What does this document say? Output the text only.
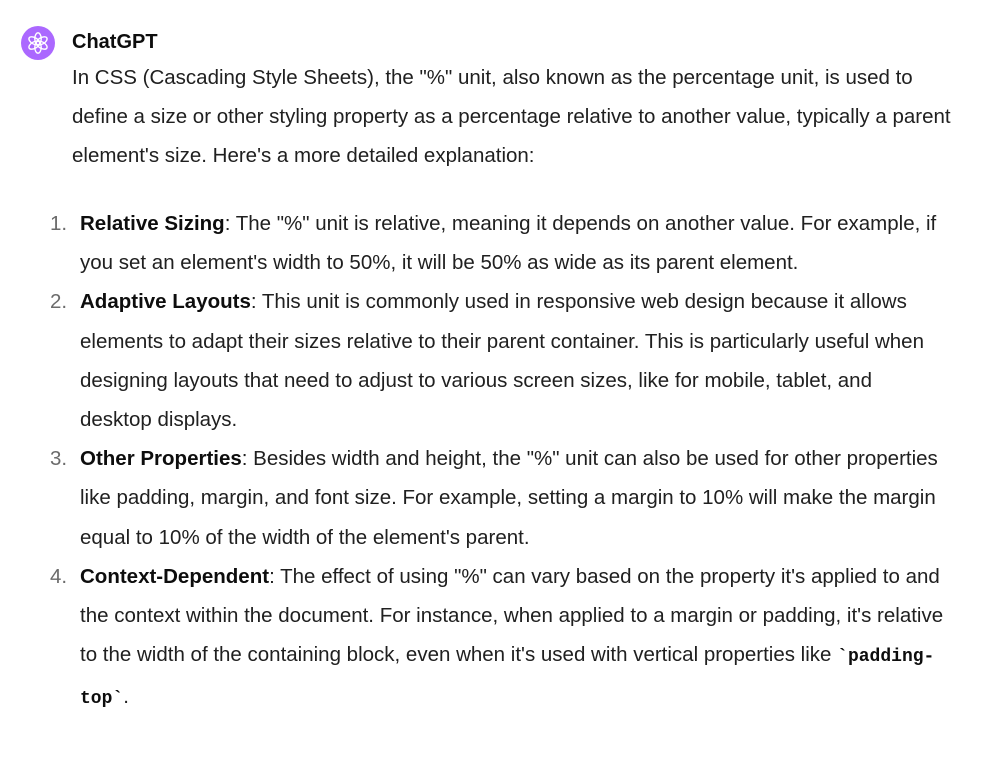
ChatGPT

In CSS (Cascading Style Sheets), the "%" unit, also known as the percentage unit, is used to define a size or other styling property as a percentage relative to another value, typically a parent element's size. Here's a more detailed explanation:

1. Relative Sizing: The "%" unit is relative, meaning it depends on another value. For example, if you set an element's width to 50%, it will be 50% as wide as its parent element.
2. Adaptive Layouts: This unit is commonly used in responsive web design because it allows elements to adapt their sizes relative to their parent container. This is particularly useful when designing layouts that need to adjust to various screen sizes, like for mobile, tablet, and desktop displays.
3. Other Properties: Besides width and height, the "%" unit can also be used for other properties like padding, margin, and font size. For example, setting a margin to 10% will make the margin equal to 10% of the width of the element's parent.
4. Context-Dependent: The effect of using "%" can vary based on the property it's applied to and the context within the document. For instance, when applied to a margin or padding, it's relative to the width of the containing block, even when it's used with vertical properties like `padding-top`.
